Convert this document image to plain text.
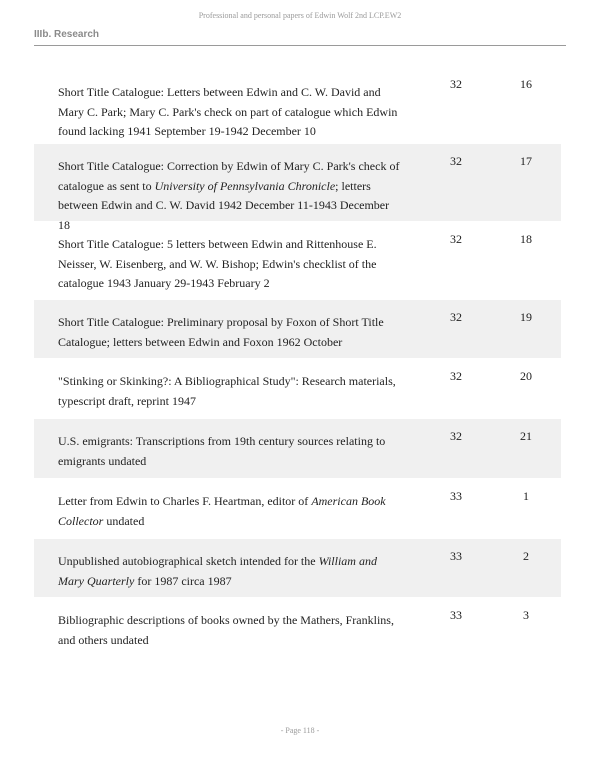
Professional and personal papers of Edwin Wolf 2nd LCP.EW2
IIIb. Research
Short Title Catalogue: Letters between Edwin and C. W. David and Mary C. Park; Mary C. Park's check on part of catalogue which Edwin found lacking 1941 September 19-1942 December 10
32	16
Short Title Catalogue: Correction by Edwin of Mary C. Park's check of catalogue as sent to University of Pennsylvania Chronicle; letters between Edwin and C. W. David 1942 December 11-1943 December 18
32	17
Short Title Catalogue: 5 letters between Edwin and Rittenhouse E. Neisser, W. Eisenberg, and W. W. Bishop; Edwin's checklist of the catalogue 1943 January 29-1943 February 2
32	18
Short Title Catalogue: Preliminary proposal by Foxon of Short Title Catalogue; letters between Edwin and Foxon 1962 October
32	19
"Stinking or Skinking?: A Bibliographical Study": Research materials, typescript draft, reprint 1947
32	20
U.S. emigrants: Transcriptions from 19th century sources relating to emigrants undated
32	21
Letter from Edwin to Charles F. Heartman, editor of American Book Collector undated
33	1
Unpublished autobiographical sketch intended for the William and Mary Quarterly for 1987 circa 1987
33	2
Bibliographic descriptions of books owned by the Mathers, Franklins, and others undated
33	3
- Page 118 -
